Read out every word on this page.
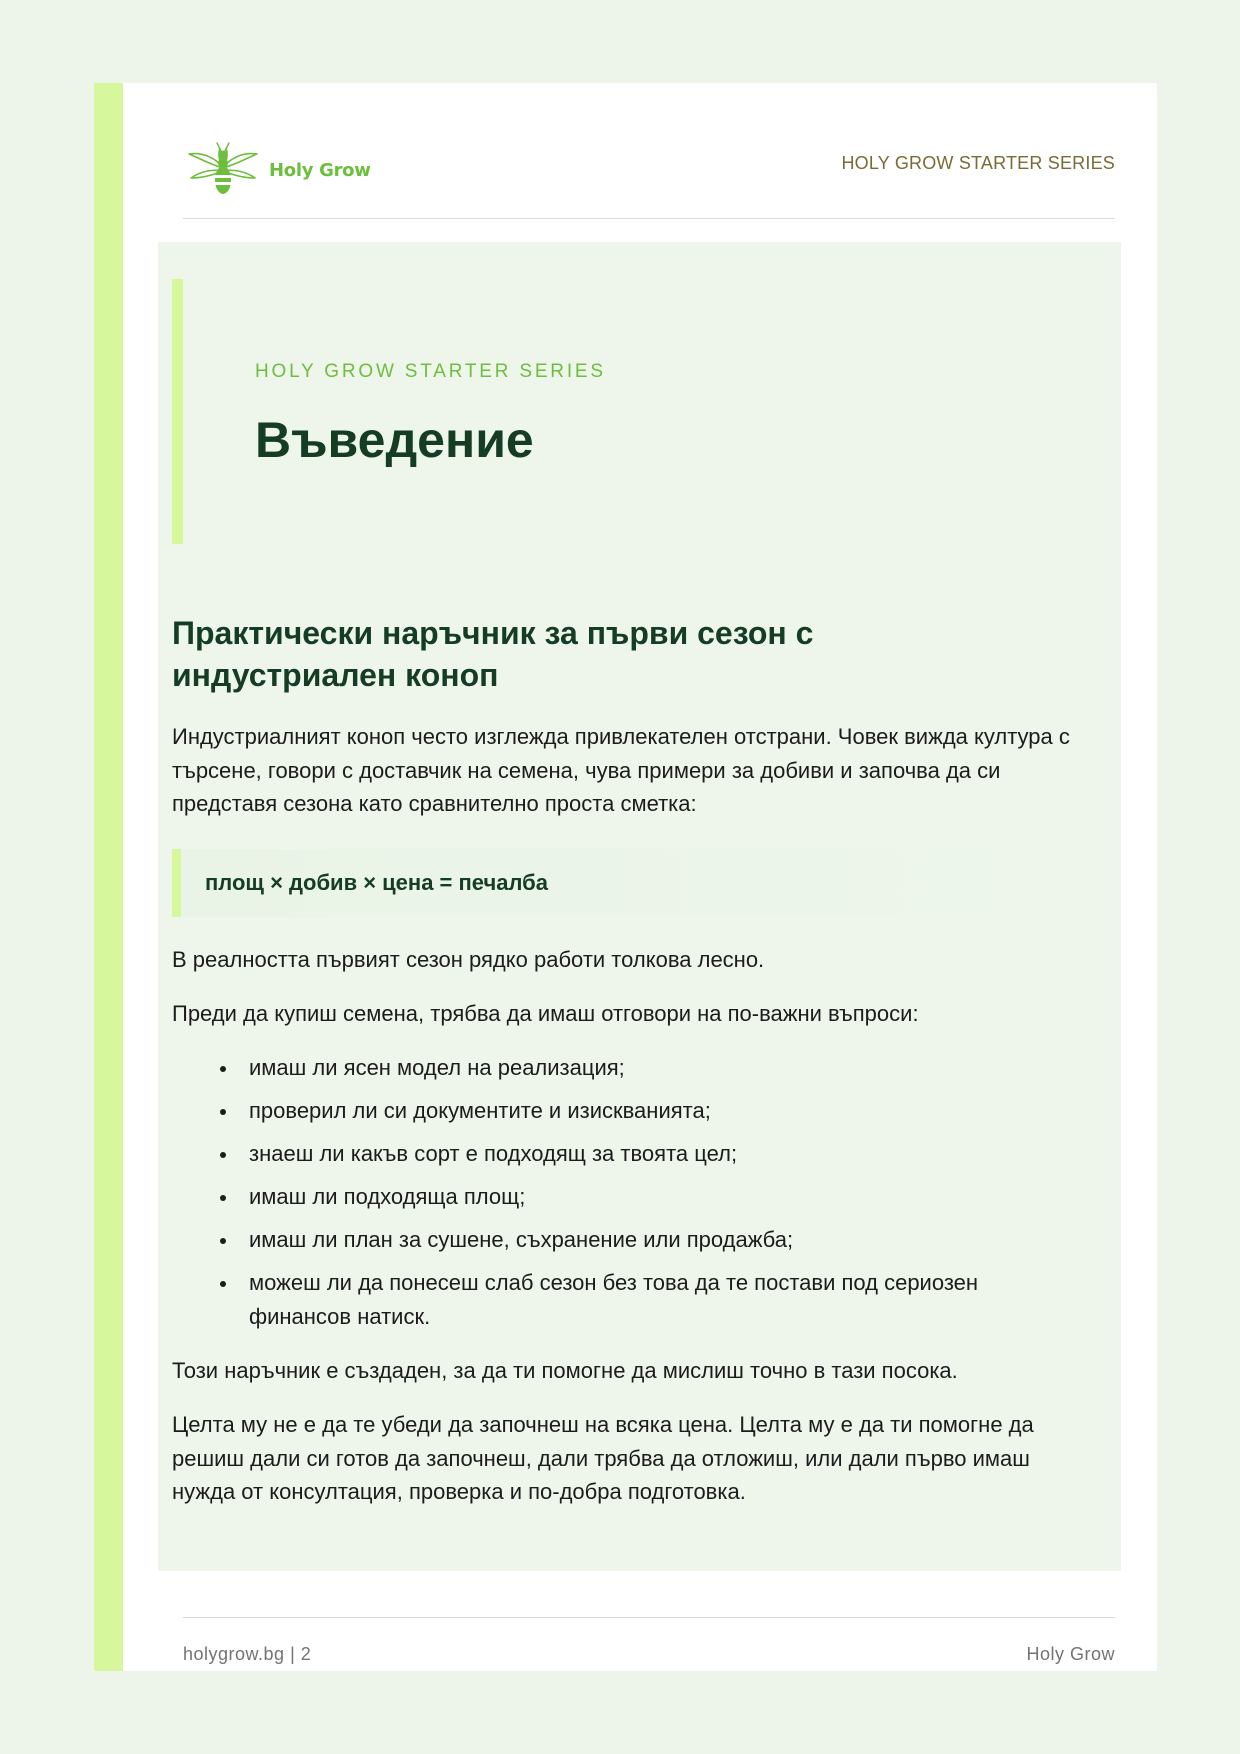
Holy Grow	HOLY GROW STARTER SERIES

HOLY GROW STARTER SERIES

Въведение
Практически наръчник за първи сезон с
индустриален коноп

Индустриалният коноп често изглежда привлекателен отстрани. Човек вижда култура с
търсене, говори с доставчик на семена, чува примери за добиви и започва да си
представя сезона като сравнително проста сметка:

площ × добив × цена = печалба

В реалността първият сезон рядко работи толкова лесно.

Преди да купиш семена, трябва да имаш отговори на по-важни въпроси:

имаш ли ясен модел на реализация;
проверил ли си документите и изискванията;
знаеш ли какъв сорт е подходящ за твоята цел;
имаш ли подходяща площ;
имаш ли план за сушене, съхранение или продажба;
можеш ли да понесеш слаб сезон без това да те постави под сериозен
финансов натиск.

Този наръчник е създаден, за да ти помогне да мислиш точно в тази посока.

Целта му не е да те убеди да започнеш на всяка цена. Целта му е да ти помогне да
решиш дали си готов да започнеш, дали трябва да отложиш, или дали първо имаш
нужда от консултация, проверка и по-добра подготовка.

holygrow.bg | 2	Holy Grow
